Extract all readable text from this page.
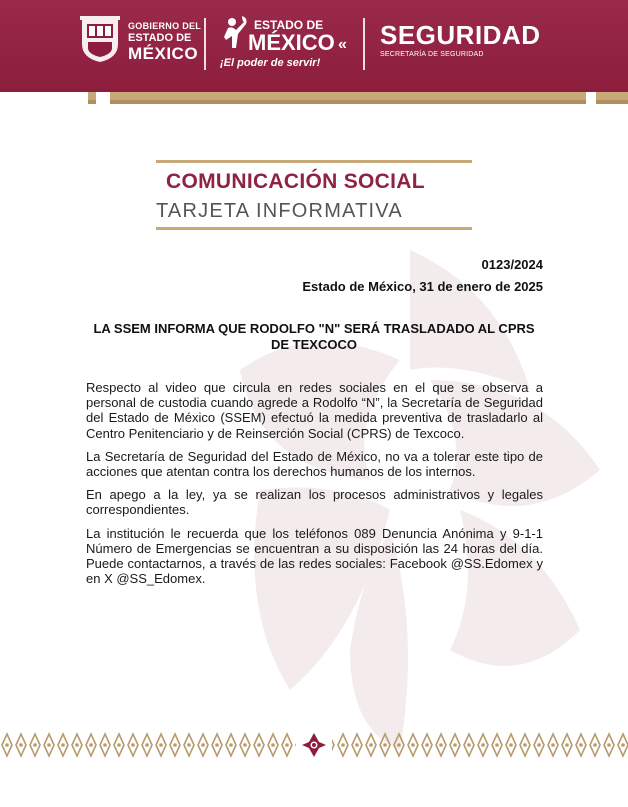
GOBIERNO DEL
ESTADO DE
MÉXICO
ESTADO DE
MÉXICO
¡El poder de servir!
« SEGURIDAD
SECRETARÍA DE SEGURIDAD
COMUNICACIÓN SOCIAL
TARJETA INFORMATIVA
0123/2024
Estado de México, 31 de enero de 2025
LA SSEM INFORMA QUE RODOLFO "N" SERÁ TRASLADADO AL CPRS DE TEXCOCO

Respecto al video que circula en redes sociales en el que se observa a personal de custodia cuando agrede a Rodolfo “N”, la Secretaría de Seguridad del Estado de México (SSEM) efectuó la medida preventiva de trasladarlo al Centro Penitenciario y de Reinserción Social (CPRS) de Texcoco.

La Secretaría de Seguridad del Estado de México, no va a tolerar este tipo de acciones que atentan contra los derechos humanos de los internos.

En apego a la ley, ya se realizan los procesos administrativos y legales correspondientes.

La institución le recuerda que los teléfonos 089 Denuncia Anónima y 9-1-1 Número de Emergencias se encuentran a su disposición las 24 horas del día. Puede contactarnos, a través de las redes sociales: Facebook @SS.Edomex y en X @SS_Edomex.
